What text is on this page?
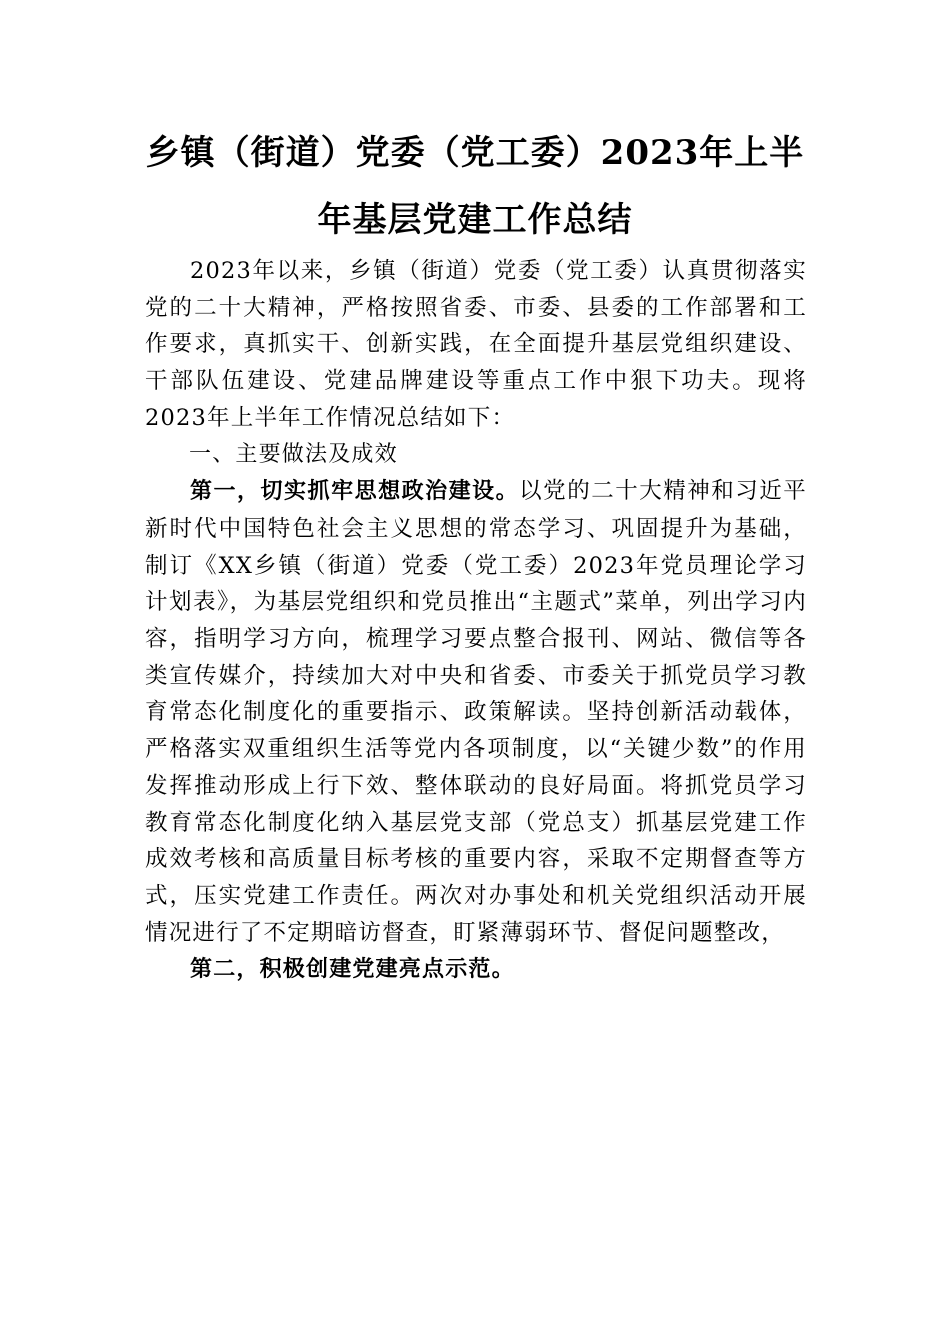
乡镇（街道）党委（党工委）2023年上半
年基层党建工作总结

2023年以来，乡镇（街道）党委（党工委）认真贯彻落实党的二十大精神，严格按照省委、市委、县委的工作部署和工作要求，真抓实干、创新实践，在全面提升基层党组织建设、干部队伍建设、党建品牌建设等重点工作中狠下功夫。现将2023年上半年工作情况总结如下：

一、主要做法及成效

第一，切实抓牢思想政治建设。以党的二十大精神和习近平新时代中国特色社会主义思想的常态学习、巩固提升为基础，制订《XX乡镇（街道）党委（党工委）2023年党员理论学习计划表》，为基层党组织和党员推出“主题式”菜单，列出学习内容，指明学习方向，梳理学习要点整合报刊、网站、微信等各类宣传媒介，持续加大对中央和省委、市委关于抓党员学习教育常态化制度化的重要指示、政策解读。坚持创新活动载体，严格落实双重组织生活等党内各项制度，以“关键少数”的作用发挥推动形成上行下效、整体联动的良好局面。将抓党员学习教育常态化制度化纳入基层党支部（党总支）抓基层党建工作成效考核和高质量目标考核的重要内容，采取不定期督查等方式，压实党建工作责任。两次对办事处和机关党组织活动开展情况进行了不定期暗访督查，盯紧薄弱环节、督促问题整改，

第二，积极创建党建亮点示范。
